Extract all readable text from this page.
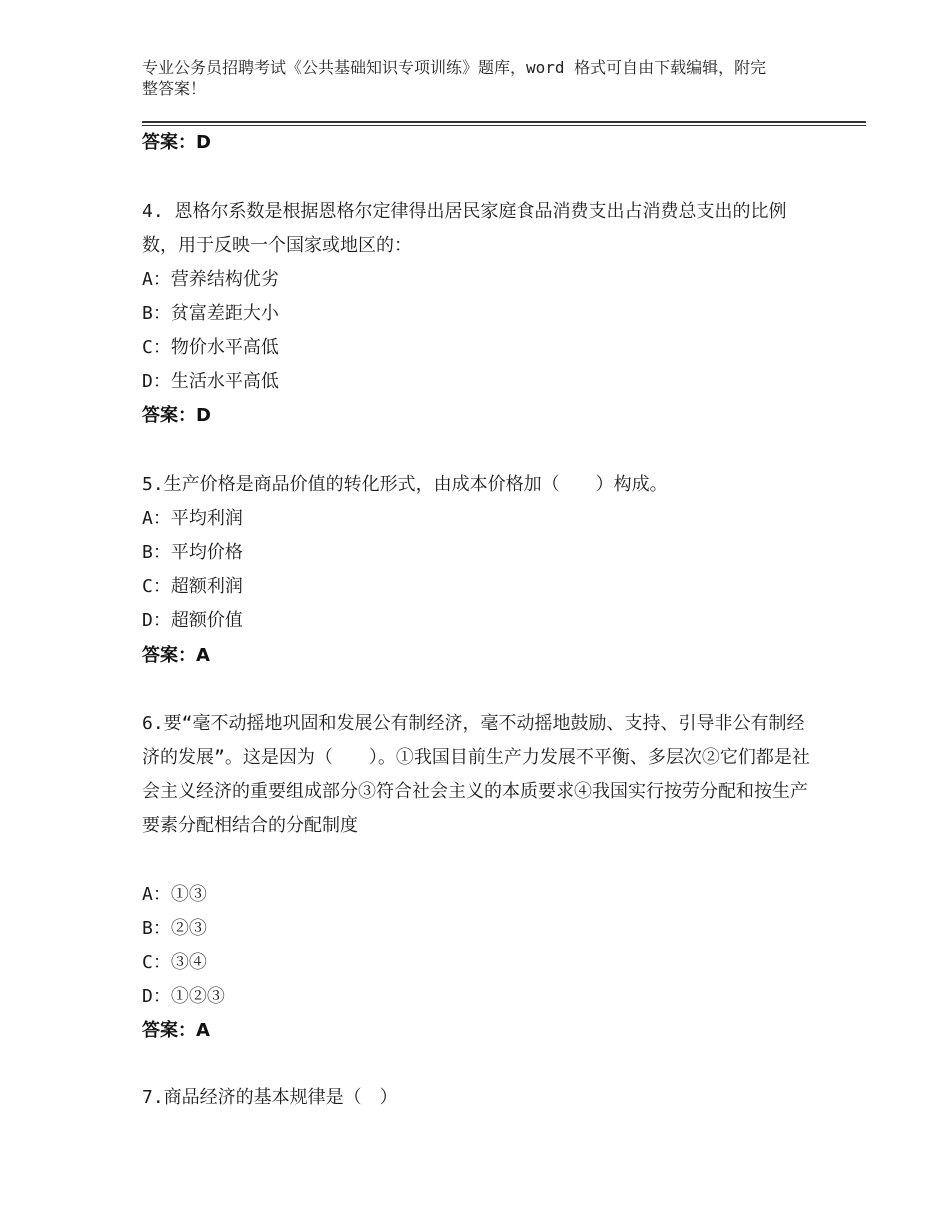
专业公务员招聘考试《公共基础知识专项训练》题库，word 格式可自由下载编辑，附完整答案！
答案：D
4. 恩格尔系数是根据恩格尔定律得出居民家庭食品消费支出占消费总支出的比例数，用于反映一个国家或地区的：
A：营养结构优劣
B：贫富差距大小
C：物价水平高低
D：生活水平高低
答案：D
5.生产价格是商品价值的转化形式，由成本价格加（　　）构成。
A：平均利润
B：平均价格
C：超额利润
D：超额价值
答案：A
6.要“毫不动摇地巩固和发展公有制经济，毫不动摇地鼓励、支持、引导非公有制经济的发展”。这是因为（　　）。①我国目前生产力发展不平衡、多层次②它们都是社会主义经济的重要组成部分③符合社会主义的本质要求④我国实行按劳分配和按生产要素分配相结合的分配制度
A：①③
B：②③
C：③④
D：①②③
答案：A
7.商品经济的基本规律是（　）
